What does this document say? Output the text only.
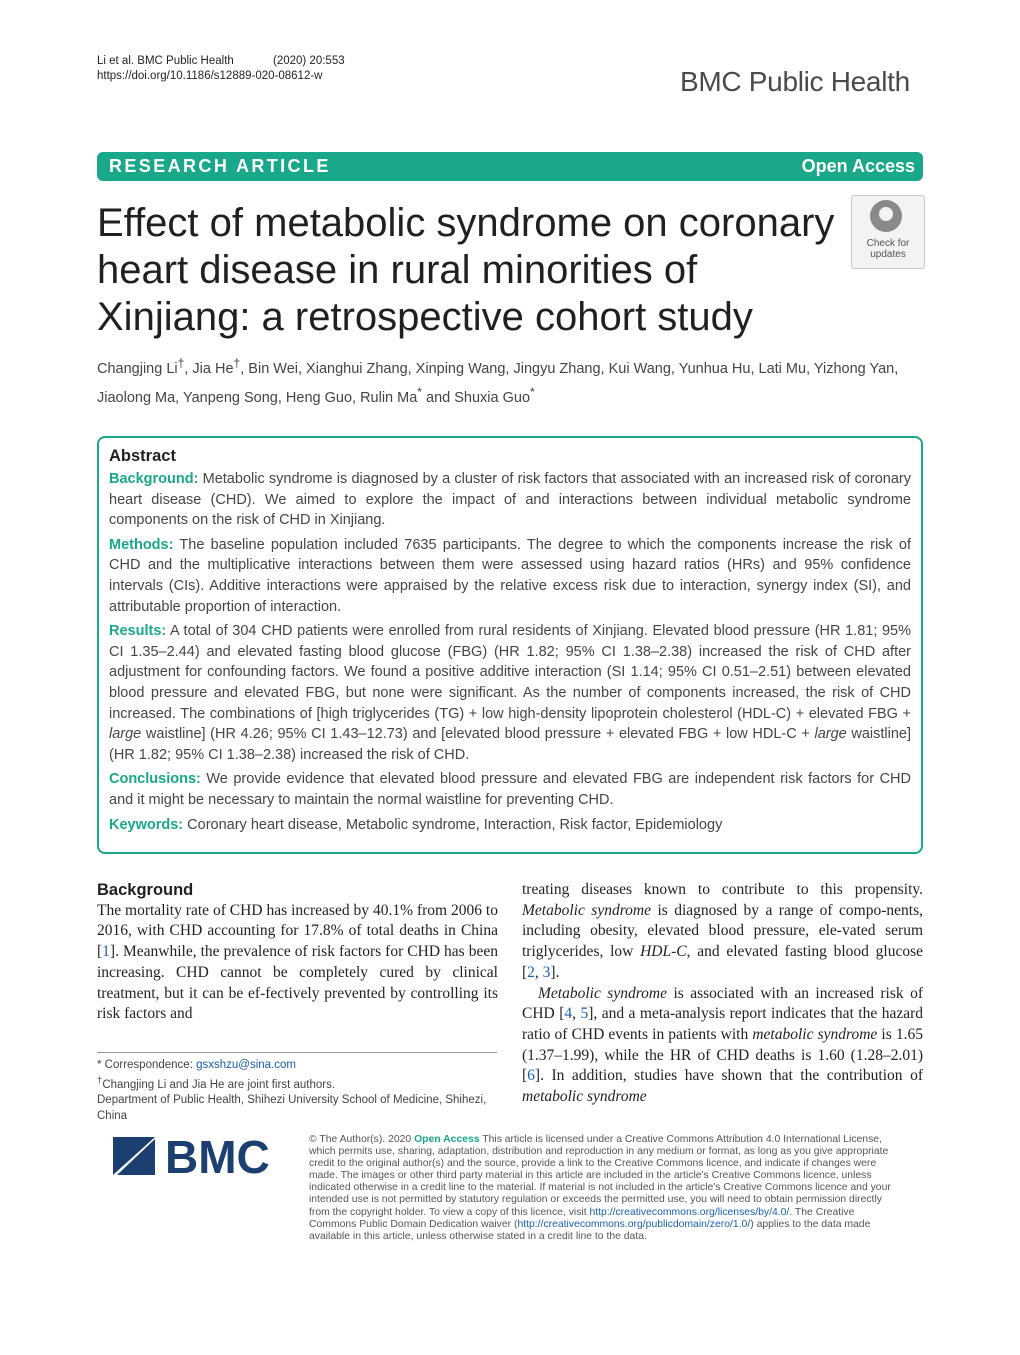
Li et al. BMC Public Health	(2020) 20:553
https://doi.org/10.1186/s12889-020-08612-w	BMC Public Health
RESEARCH ARTICLE	Open Access
Effect of metabolic syndrome on coronary heart disease in rural minorities of Xinjiang: a retrospective cohort study
Check for updates
Changjing Li†, Jia He†, Bin Wei, Xianghui Zhang, Xinping Wang, Jingyu Zhang, Kui Wang, Yunhua Hu, Lati Mu, Yizhong Yan, Jiaolong Ma, Yanpeng Song, Heng Guo, Rulin Ma* and Shuxia Guo*
Abstract

Background: Metabolic syndrome is diagnosed by a cluster of risk factors that associated with an increased risk of coronary heart disease (CHD). We aimed to explore the impact of and interactions between individual metabolic syndrome components on the risk of CHD in Xinjiang.

Methods: The baseline population included 7635 participants. The degree to which the components increase the risk of CHD and the multiplicative interactions between them were assessed using hazard ratios (HRs) and 95% confidence intervals (CIs). Additive interactions were appraised by the relative excess risk due to interaction, synergy index (SI), and attributable proportion of interaction.

Results: A total of 304 CHD patients were enrolled from rural residents of Xinjiang. Elevated blood pressure (HR 1.81; 95% CI 1.35–2.44) and elevated fasting blood glucose (FBG) (HR 1.82; 95% CI 1.38–2.38) increased the risk of CHD after adjustment for confounding factors. We found a positive additive interaction (SI 1.14; 95% CI 0.51–2.51) between elevated blood pressure and elevated FBG, but none were significant. As the number of components increased, the risk of CHD increased. The combinations of [high triglycerides (TG) + low high-density lipoprotein cholesterol (HDL-C) + elevated FBG + large waistline] (HR 4.26; 95% CI 1.43–12.73) and [elevated blood pressure + elevated FBG + low HDL-C + large waistline] (HR 1.82; 95% CI 1.38–2.38) increased the risk of CHD.

Conclusions: We provide evidence that elevated blood pressure and elevated FBG are independent risk factors for CHD and it might be necessary to maintain the normal waistline for preventing CHD.

Keywords: Coronary heart disease, Metabolic syndrome, Interaction, Risk factor, Epidemiology

Background

The mortality rate of CHD has increased by 40.1% from 2006 to 2016, with CHD accounting for 17.8% of total deaths in China [1]. Meanwhile, the prevalence of risk factors for CHD has been increasing. CHD cannot be completely cured by clinical treatment, but it can be ef-fectively prevented by controlling its risk factors and

treating diseases known to contribute to this propensity. Metabolic syndrome is diagnosed by a range of compo-nents, including obesity, elevated blood pressure, ele-vated serum triglycerides, low HDL-C, and elevated fasting blood glucose [2, 3].

Metabolic syndrome is associated with an increased risk of CHD [4, 5], and a meta-analysis report indicates that the hazard ratio of CHD events in patients with metabolic syndrome is 1.65 (1.37–1.99), while the HR of CHD deaths is 1.60 (1.28–2.01) [6]. In addition, studies have shown that the contribution of metabolic syndrome

* Correspondence: gsxshzu@sina.com
†Changjing Li and Jia He are joint first authors.
Department of Public Health, Shihezi University School of Medicine, Shihezi, China
BMC	© The Author(s). 2020 Open Access This article is licensed under a Creative Commons Attribution 4.0 International License, which permits use, sharing, adaptation, distribution and reproduction in any medium or format, as long as you give appropriate credit to the original author(s) and the source, provide a link to the Creative Commons licence, and indicate if changes were made. The images or other third party material in this article are included in the article's Creative Commons licence, unless indicated otherwise in a credit line to the material. If material is not included in the article's Creative Commons licence and your intended use is not permitted by statutory regulation or exceeds the permitted use, you will need to obtain permission directly from the copyright holder. To view a copy of this licence, visit http://creativecommons.org/licenses/by/4.0/. The Creative Commons Public Domain Dedication waiver (http://creativecommons.org/publicdomain/zero/1.0/) applies to the data made available in this article, unless otherwise stated in a credit line to the data.
